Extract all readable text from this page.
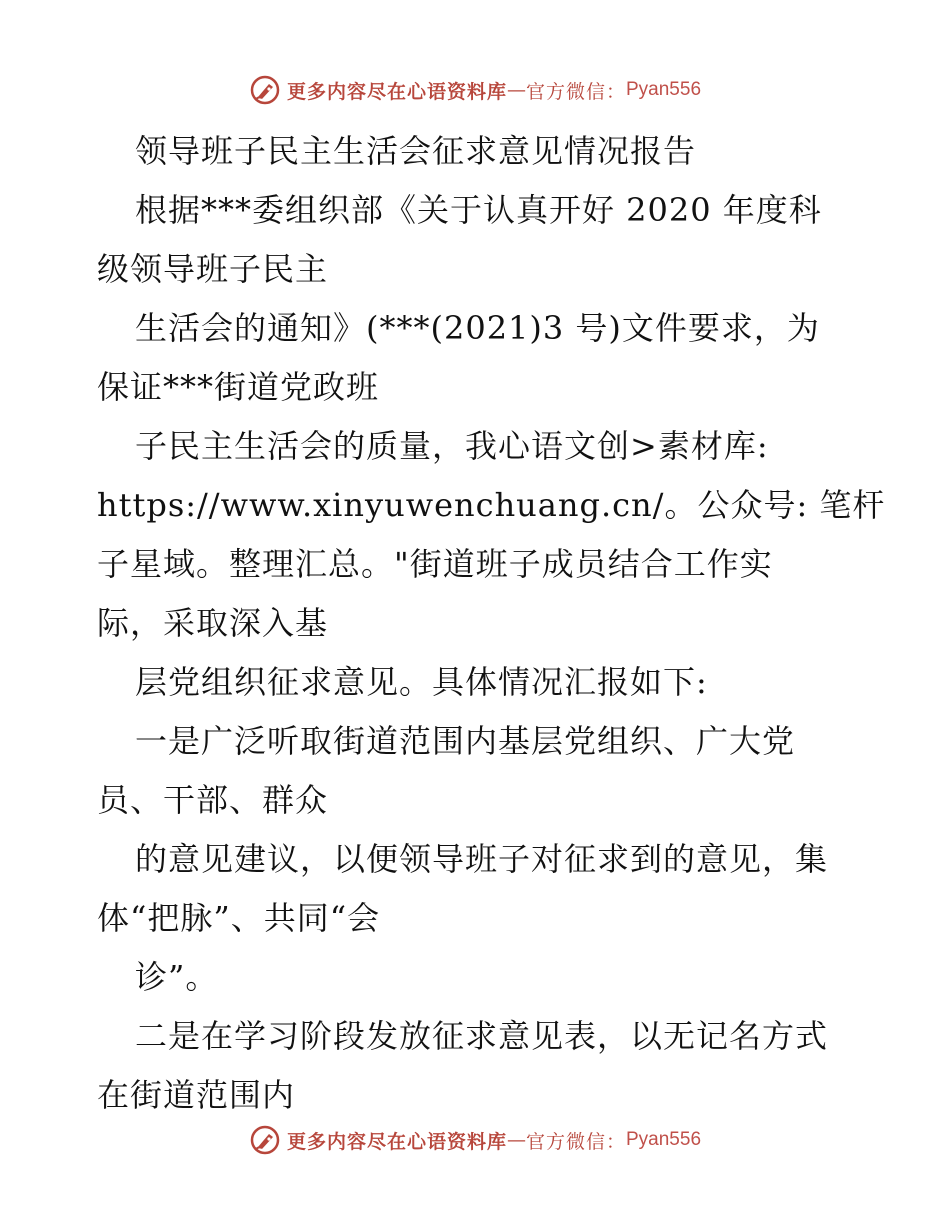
更多内容尽在心语资料库 — 官方微信： Pyan556
领导班子民主生活会征求意见情况报告
根据***委组织部《关于认真开好 2020 年度科
级领导班子民主
生活会的通知》(***(2021)3 号)文件要求，为
保证***街道党政班
子民主生活会的质量，我心语文创>素材库:
https://www.xinyuwenchuang.cn/。公众号: 笔杆
子星域。整理汇总。"街道班子成员结合工作实
际，采取深入基
层党组织征求意见。具体情况汇报如下:
一是广泛听取街道范围内基层党组织、广大党
员、干部、群众
的意见建议，以便领导班子对征求到的意见，集
体“把脉”、共同“会
诊”。
二是在学习阶段发放征求意见表，以无记名方式
在街道范围内
更多内容尽在心语资料库 — 官方微信： Pyan556
